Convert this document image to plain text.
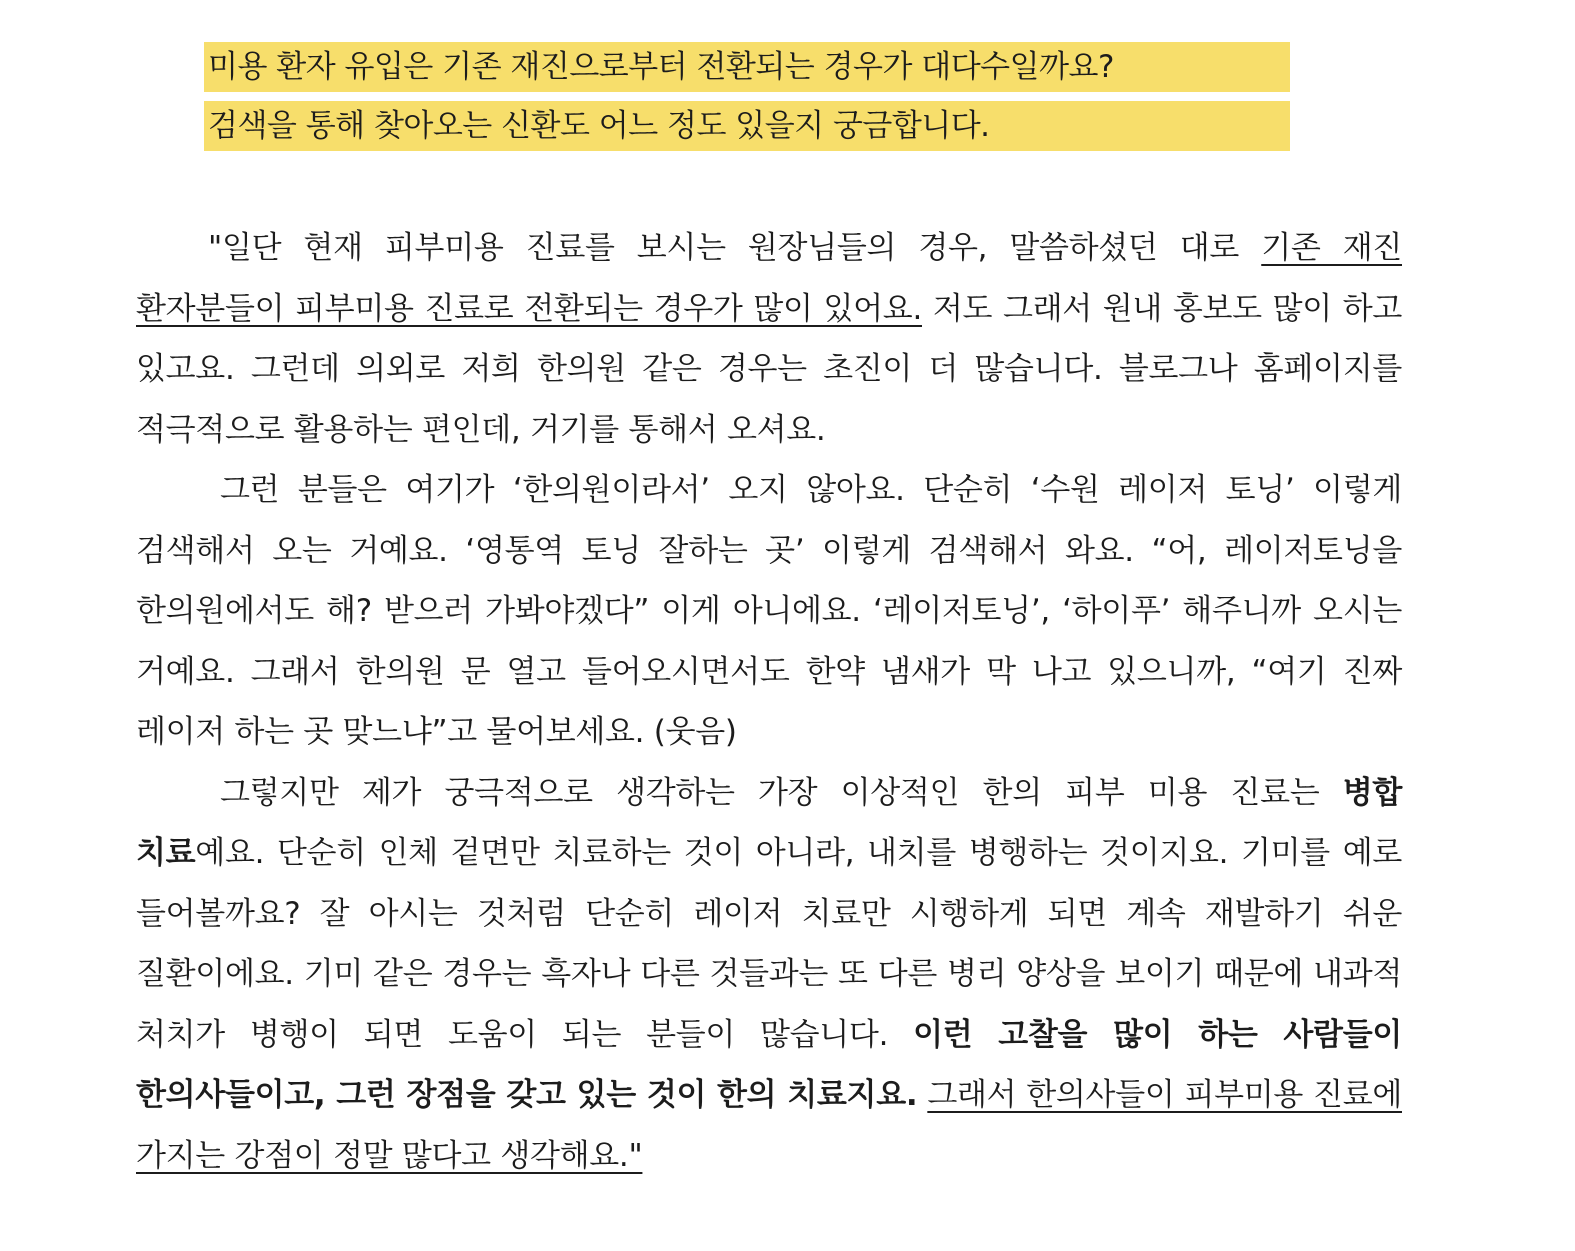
미용 환자 유입은 기존 재진으로부터 전환되는 경우가 대다수일까요?
검색을 통해 찾아오는 신환도 어느 정도 있을지 궁금합니다.

"일단 현재 피부미용 진료를 보시는 원장님들의 경우, 말씀하셨던 대로 기존 재진 환자분들이 피부미용 진료로 전환되는 경우가 많이 있어요. 저도 그래서 원내 홍보도 많이 하고 있고요. 그런데 의외로 저희 한의원 같은 경우는 초진이 더 많습니다. 블로그나 홈페이지를 적극적으로 활용하는 편인데, 거기를 통해서 오셔요.

그런 분들은 여기가 ‘한의원이라서’ 오지 않아요. 단순히 ‘수원 레이저 토닝’ 이렇게 검색해서 오는 거예요. ‘영통역 토닝 잘하는 곳’ 이렇게 검색해서 와요. “어, 레이저토닝을 한의원에서도 해? 받으러 가봐야겠다” 이게 아니에요. ‘레이저토닝’, ‘하이푸’ 해주니까 오시는 거예요. 그래서 한의원 문 열고 들어오시면서도 한약 냄새가 막 나고 있으니까, “여기 진짜 레이저 하는 곳 맞느냐”고 물어보세요. (웃음)

그렇지만 제가 궁극적으로 생각하는 가장 이상적인 한의 피부 미용 진료는 병합 치료예요. 단순히 인체 겉면만 치료하는 것이 아니라, 내치를 병행하는 것이지요. 기미를 예로 들어볼까요? 잘 아시는 것처럼 단순히 레이저 치료만 시행하게 되면 계속 재발하기 쉬운 질환이에요. 기미 같은 경우는 흑자나 다른 것들과는 또 다른 병리 양상을 보이기 때문에 내과적 처치가 병행이 되면 도움이 되는 분들이 많습니다. 이런 고찰을 많이 하는 사람들이 한의사들이고, 그런 장점을 갖고 있는 것이 한의 치료지요. 그래서 한의사들이 피부미용 진료에 가지는 강점이 정말 많다고 생각해요."
